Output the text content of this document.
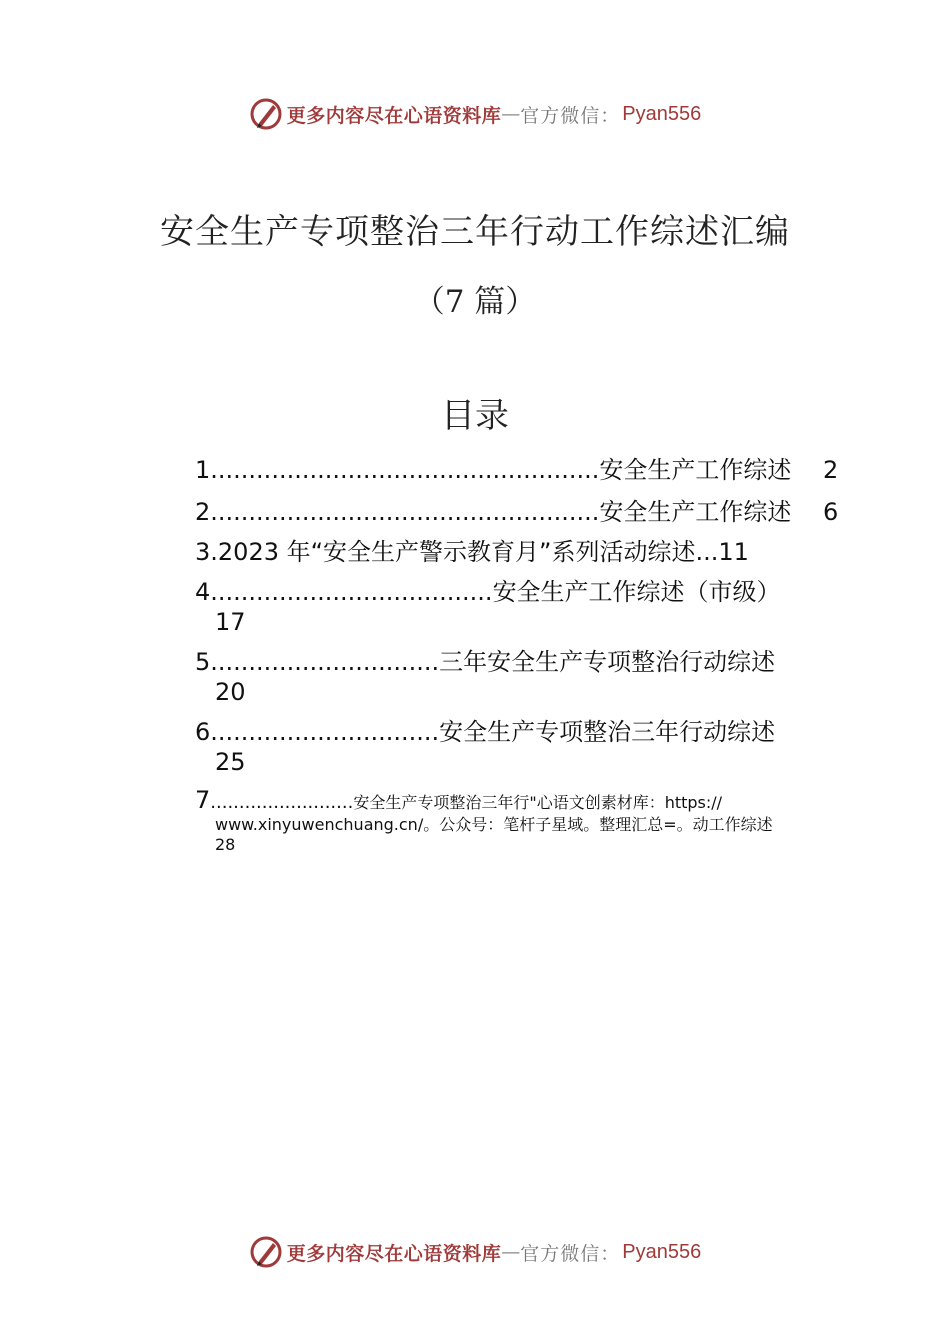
更多内容尽在心语资料库 — 官方微信： Pyan556
安全生产专项整治三年行动工作综述汇编
（7 篇）
目录
1...................................................安全生产工作综述 2
2...................................................安全生产工作综述 6
3.2023 年“安全生产警示教育月”系列活动综述...11
4.....................................安全生产工作综述（市级）
17
5..............................三年安全生产专项整治行动综述
20
6..............................安全生产专项整治三年行动综述
25
7.........................安全生产专项整治三年行"心语文创素材库：https://
www.xinyuwenchuang.cn/。公众号：笔杆子星域。整理汇总=。动工作综述
28
更多内容尽在心语资料库 — 官方微信： Pyan556
